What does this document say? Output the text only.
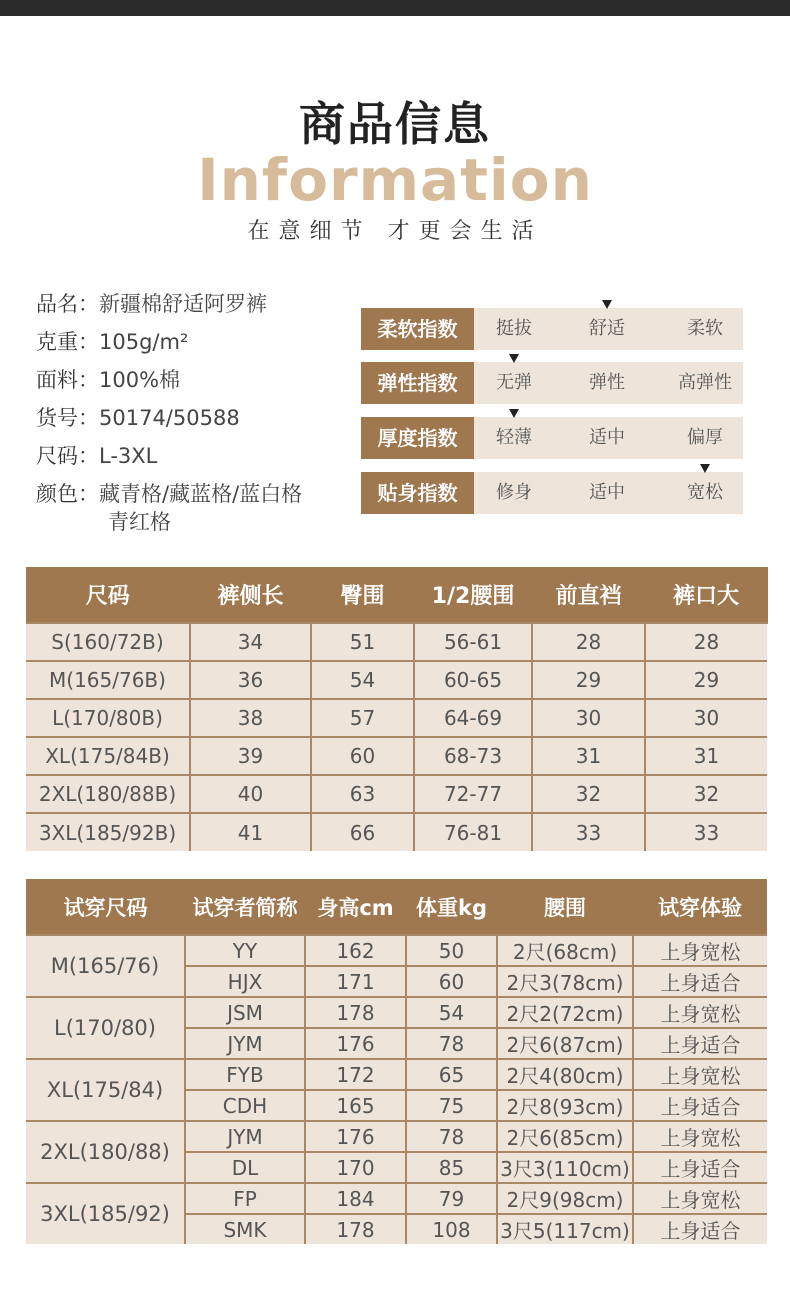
商品信息
Information
在意细节 才更会生活
品名：新疆棉舒适阿罗裤
克重：105g/m²
面料：100%棉
货号：50174/50588
尺码：L-3XL
颜色：藏青格/藏蓝格/蓝白格
青红格
柔软指数	挺拔	舒适	柔软
弹性指数	无弹	弹性	高弹性
厚度指数	轻薄	适中	偏厚
贴身指数	修身	适中	宽松
尺码	裤侧长	臀围	1/2腰围	前直裆	裤口大
S(160/72B)	34	51	56-61	28	28
M(165/76B)	36	54	60-65	29	29
L(170/80B)	38	57	64-69	30	30
XL(175/84B)	39	60	68-73	31	31
2XL(180/88B)	40	63	72-77	32	32
3XL(185/92B)	41	66	76-81	33	33
试穿尺码	试穿者简称	身高cm	体重kg	腰围	试穿体验
M(165/76)	YY	162	50	2尺(68cm)	上身宽松
	HJX	171	60	2尺3(78cm)	上身适合
L(170/80)	JSM	178	54	2尺2(72cm)	上身宽松
	JYM	176	78	2尺6(87cm)	上身适合
XL(175/84)	FYB	172	65	2尺4(80cm)	上身宽松
	CDH	165	75	2尺8(93cm)	上身适合
2XL(180/88)	JYM	176	78	2尺6(85cm)	上身宽松
	DL	170	85	3尺3(110cm)	上身适合
3XL(185/92)	FP	184	79	2尺9(98cm)	上身宽松
	SMK	178	108	3尺5(117cm)	上身适合
